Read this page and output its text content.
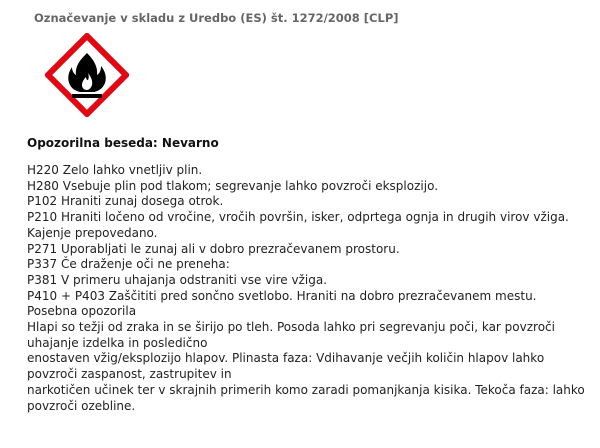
Označevanje v skladu z Uredbo (ES) št. 1272/2008 [CLP]
Opozorilna beseda: Nevarno
H220 Zelo lahko vnetljiv plin.
H280 Vsebuje plin pod tlakom; segrevanje lahko povzroči eksplozijo.
P102 Hraniti zunaj dosega otrok.
P210 Hraniti ločeno od vročine, vročih površin, isker, odprtega ognja in drugih virov vžiga. Kajenje prepovedano.
P271 Uporabljati le zunaj ali v dobro prezračevanem prostoru.
P337 Če draženje oči ne preneha:
P381 V primeru uhajanja odstraniti vse vire vžiga.
P410 + P403 Zaščititi pred sončno svetlobo. Hraniti na dobro prezračevanem mestu.
Posebna opozorila
Hlapi so težji od zraka in se širijo po tleh. Posoda lahko pri segrevanju poči, kar povzroči uhajanje izdelka in posledično
enostaven vžig/eksplozijo hlapov. Plinasta faza: Vdihavanje večjih količin hlapov lahko povzroči zaspanost, zastrupitev in
narkotičen učinek ter v skrajnih primerih komo zaradi pomanjkanja kisika. Tekoča faza: lahko povzroči ozebline.
